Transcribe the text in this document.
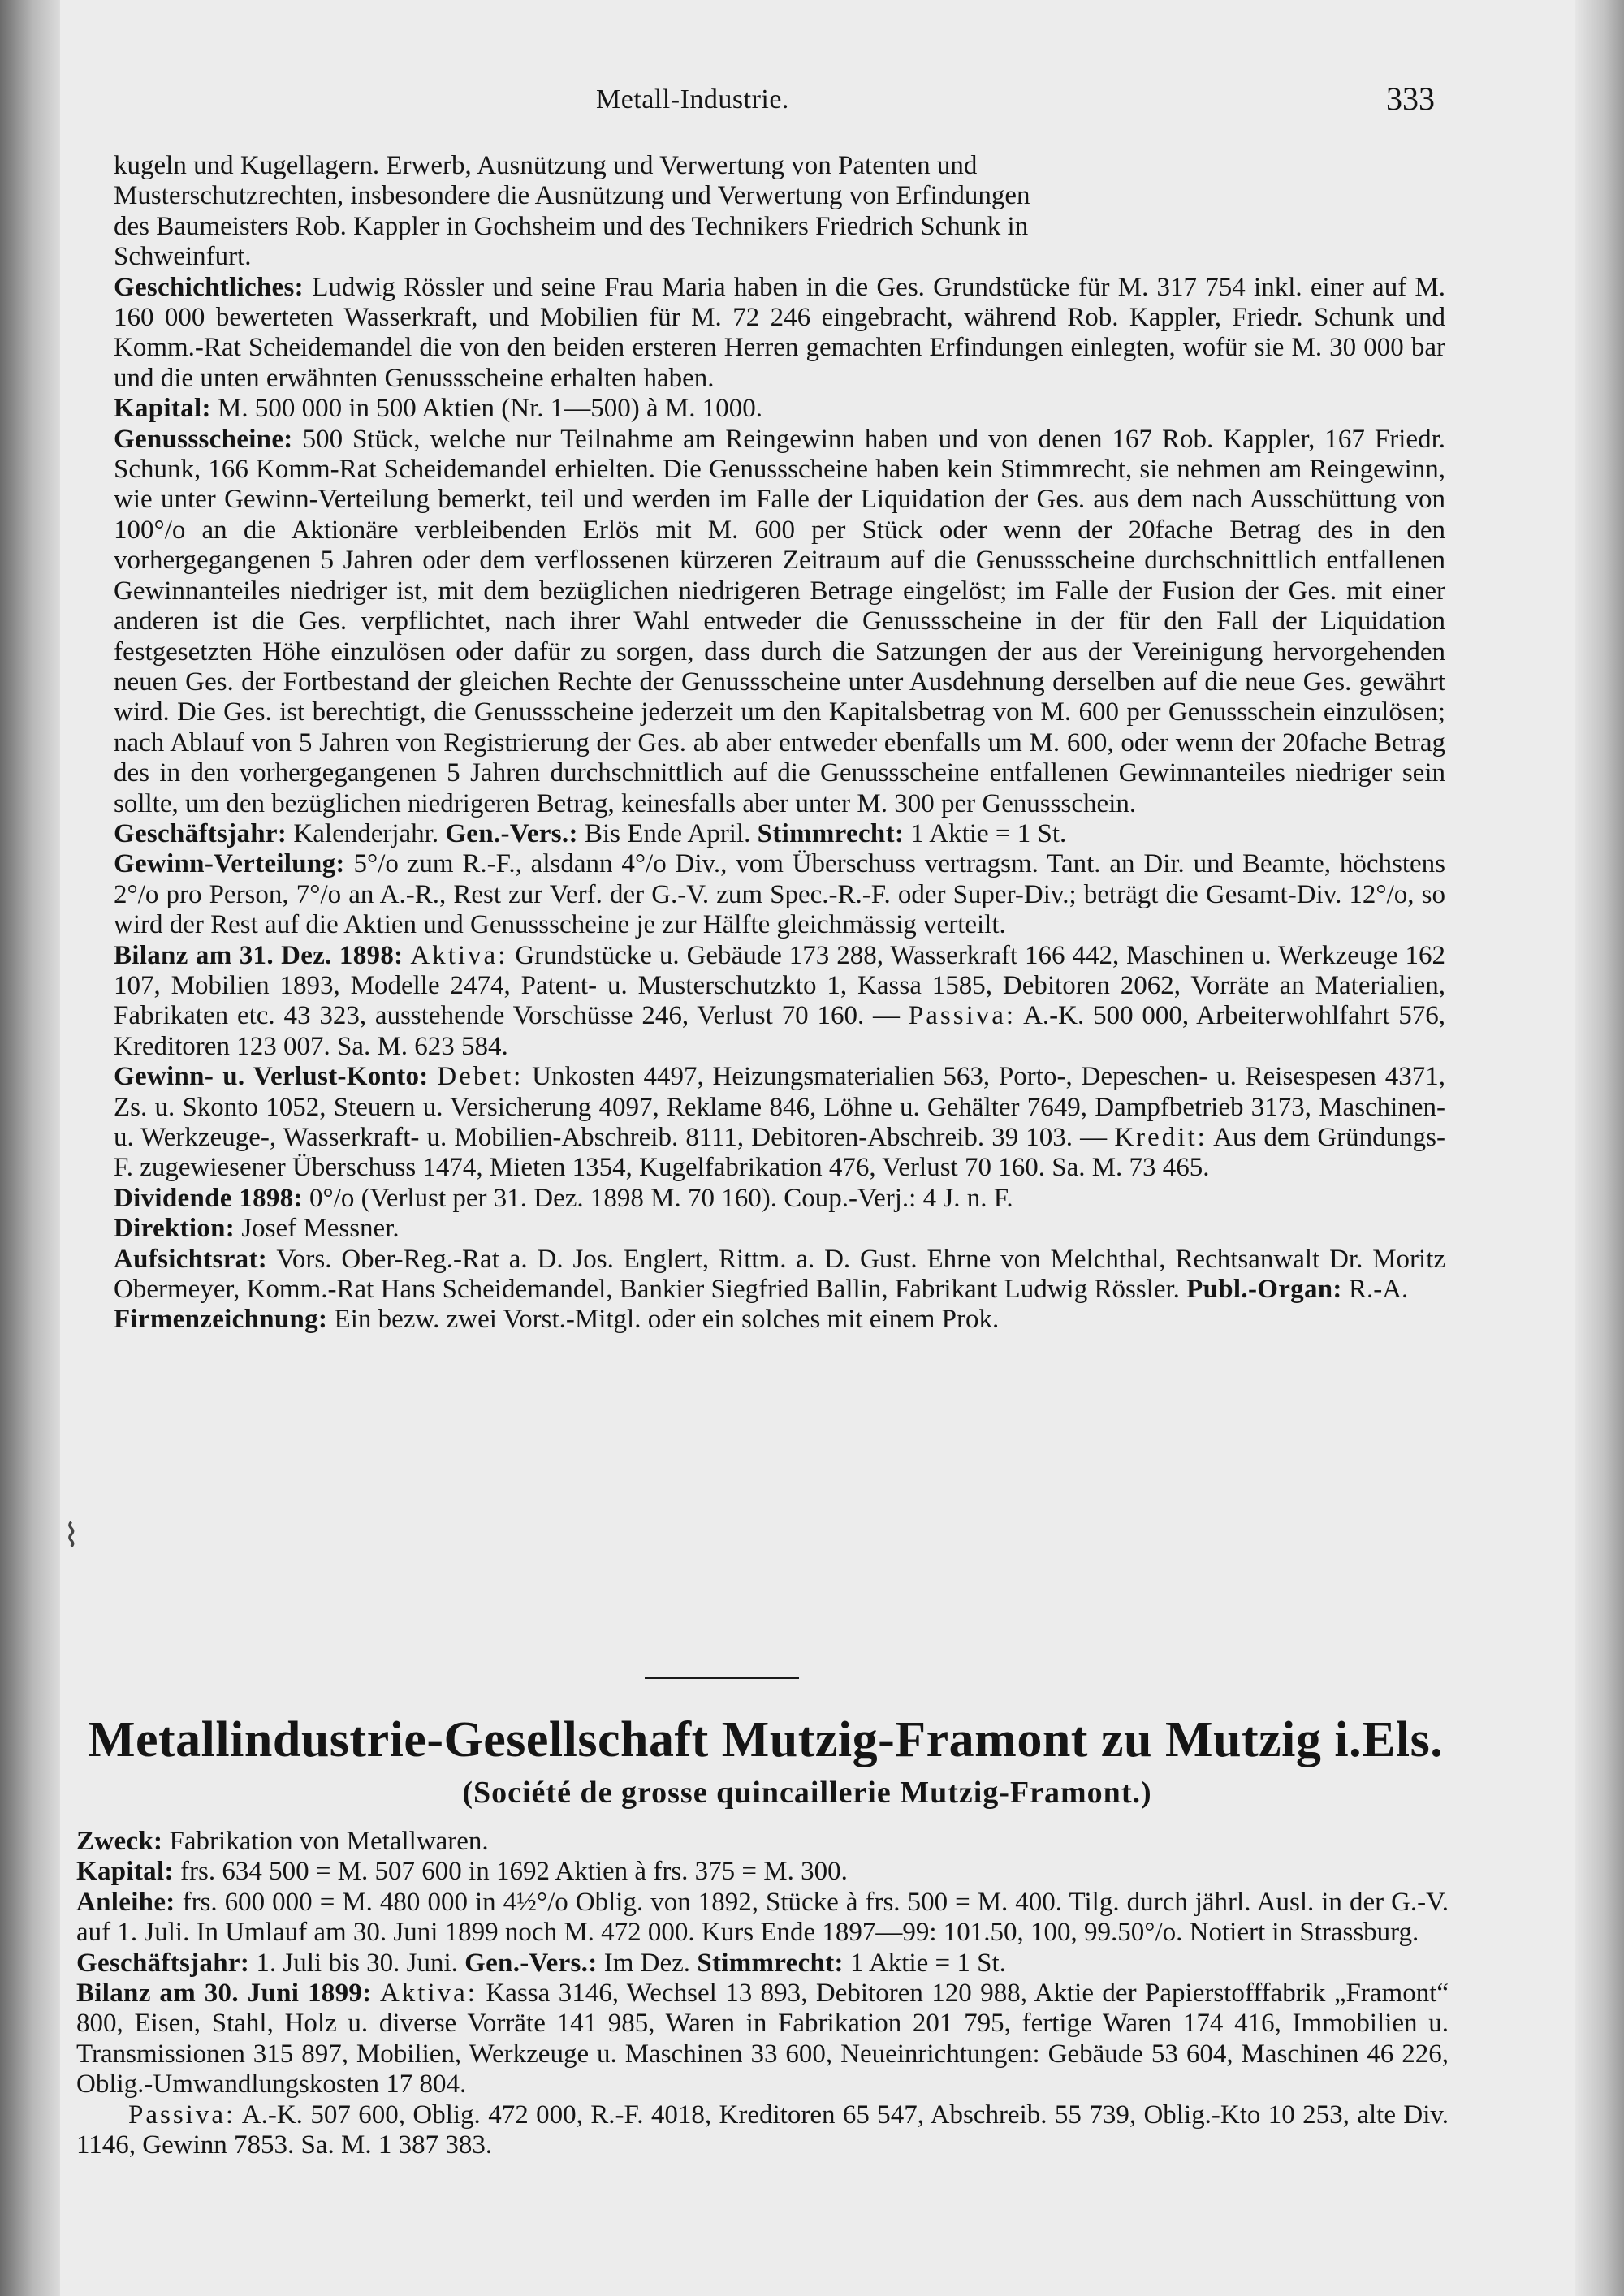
Metall-Industrie.	333
kugeln und Kugellagern. Erwerb, Ausnützung und Verwertung von Patenten und
Musterschutzrechten, insbesondere die Ausnützung und Verwertung von Erfindungen
des Baumeisters Rob. Kappler in Gochsheim und des Technikers Friedrich Schunk in
Schweinfurt.

Geschichtliches: Ludwig Rössler und seine Frau Maria haben in die Ges. Grundstücke für M. 317 754 inkl. einer auf M. 160 000 bewerteten Wasserkraft, und Mobilien für M. 72 246 eingebracht, während Rob. Kappler, Friedr. Schunk und Komm.-Rat Scheidemandel die von den beiden ersteren Herren gemachten Erfindungen einlegten, wofür sie M. 30 000 bar und die unten erwähnten Genussscheine erhalten haben.

Kapital: M. 500 000 in 500 Aktien (Nr. 1—500) à M. 1000.

Genussscheine: 500 Stück, welche nur Teilnahme am Reingewinn haben und von denen 167 Rob. Kappler, 167 Friedr. Schunk, 166 Komm-Rat Scheidemandel erhielten. Die Genussscheine haben kein Stimmrecht, sie nehmen am Reingewinn, wie unter Gewinn-Verteilung bemerkt, teil und werden im Falle der Liquidation der Ges. aus dem nach Ausschüttung von 100°/o an die Aktionäre verbleibenden Erlös mit M. 600 per Stück oder wenn der 20fache Betrag des in den vorhergegangenen 5 Jahren oder dem verflossenen kürzeren Zeitraum auf die Genussscheine durchschnittlich entfallenen Gewinnanteiles niedriger ist, mit dem bezüglichen niedrigeren Betrage eingelöst; im Falle der Fusion der Ges. mit einer anderen ist die Ges. verpflichtet, nach ihrer Wahl entweder die Genussscheine in der für den Fall der Liquidation festgesetzten Höhe einzulösen oder dafür zu sorgen, dass durch die Satzungen der aus der Vereinigung hervorgehenden neuen Ges. der Fortbestand der gleichen Rechte der Genussscheine unter Ausdehnung derselben auf die neue Ges. gewährt wird. Die Ges. ist berechtigt, die Genussscheine jederzeit um den Kapitalsbetrag von M. 600 per Genussschein einzulösen; nach Ablauf von 5 Jahren von Registrierung der Ges. ab aber entweder ebenfalls um M. 600, oder wenn der 20fache Betrag des in den vorhergegangenen 5 Jahren durchschnittlich auf die Genussscheine entfallenen Gewinnanteiles niedriger sein sollte, um den bezüglichen niedrigeren Betrag, keinesfalls aber unter M. 300 per Genussschein.

Geschäftsjahr: Kalenderjahr. Gen.-Vers.: Bis Ende April. Stimmrecht: 1 Aktie = 1 St.

Gewinn-Verteilung: 5°/o zum R.-F., alsdann 4°/o Div., vom Überschuss vertragsm. Tant. an Dir. und Beamte, höchstens 2°/o pro Person, 7°/o an A.-R., Rest zur Verf. der G.-V. zum Spec.-R.-F. oder Super-Div.; beträgt die Gesamt-Div. 12°/o, so wird der Rest auf die Aktien und Genussscheine je zur Hälfte gleichmässig verteilt.

Bilanz am 31. Dez. 1898: Aktiva: Grundstücke u. Gebäude 173 288, Wasserkraft 166 442, Maschinen u. Werkzeuge 162 107, Mobilien 1893, Modelle 2474, Patent- u. Musterschutzkto 1, Kassa 1585, Debitoren 2062, Vorräte an Materialien, Fabrikaten etc. 43 323, ausstehende Vorschüsse 246, Verlust 70 160. — Passiva: A.-K. 500 000, Arbeiterwohlfahrt 576, Kreditoren 123 007. Sa. M. 623 584.

Gewinn- u. Verlust-Konto: Debet: Unkosten 4497, Heizungsmaterialien 563, Porto-, Depeschen- u. Reisespesen 4371, Zs. u. Skonto 1052, Steuern u. Versicherung 4097, Reklame 846, Löhne u. Gehälter 7649, Dampfbetrieb 3173, Maschinen- u. Werkzeuge-, Wasserkraft- u. Mobilien-Abschreib. 8111, Debitoren-Abschreib. 39 103. — Kredit: Aus dem Gründungs-F. zugewiesener Überschuss 1474, Mieten 1354, Kugelfabrikation 476, Verlust 70 160. Sa. M. 73 465.

Dividende 1898: 0°/o (Verlust per 31. Dez. 1898 M. 70 160). Coup.-Verj.: 4 J. n. F.

Direktion: Josef Messner.

Aufsichtsrat: Vors. Ober-Reg.-Rat a. D. Jos. Englert, Rittm. a. D. Gust. Ehrne von Melchthal, Rechtsanwalt Dr. Moritz Obermeyer, Komm.-Rat Hans Scheidemandel, Bankier Siegfried Ballin, Fabrikant Ludwig Rössler. Publ.-Organ: R.-A.

Firmenzeichnung: Ein bezw. zwei Vorst.-Mitgl. oder ein solches mit einem Prok.

Metallindustrie-Gesellschaft Mutzig-Framont zu Mutzig i.Els.
(Société de grosse quincaillerie Mutzig-Framont.)

Zweck: Fabrikation von Metallwaren.

Kapital: frs. 634 500 = M. 507 600 in 1692 Aktien à frs. 375 = M. 300.

Anleihe: frs. 600 000 = M. 480 000 in 4½°/o Oblig. von 1892, Stücke à frs. 500 = M. 400. Tilg. durch jährl. Ausl. in der G.-V. auf 1. Juli. In Umlauf am 30. Juni 1899 noch M. 472 000. Kurs Ende 1897—99: 101.50, 100, 99.50°/o. Notiert in Strassburg.

Geschäftsjahr: 1. Juli bis 30. Juni. Gen.-Vers.: Im Dez. Stimmrecht: 1 Aktie = 1 St.

Bilanz am 30. Juni 1899: Aktiva: Kassa 3146, Wechsel 13 893, Debitoren 120 988, Aktie der Papierstofffabrik „Framont“ 800, Eisen, Stahl, Holz u. diverse Vorräte 141 985, Waren in Fabrikation 201 795, fertige Waren 174 416, Immobilien u. Transmissionen 315 897, Mobilien, Werkzeuge u. Maschinen 33 600, Neueinrichtungen: Gebäude 53 604, Maschinen 46 226, Oblig.-Umwandlungskosten 17 804.

Passiva: A.-K. 507 600, Oblig. 472 000, R.-F. 4018, Kreditoren 65 547, Abschreib. 55 739, Oblig.-Kto 10 253, alte Div. 1146, Gewinn 7853. Sa. M. 1 387 383.

⌇
